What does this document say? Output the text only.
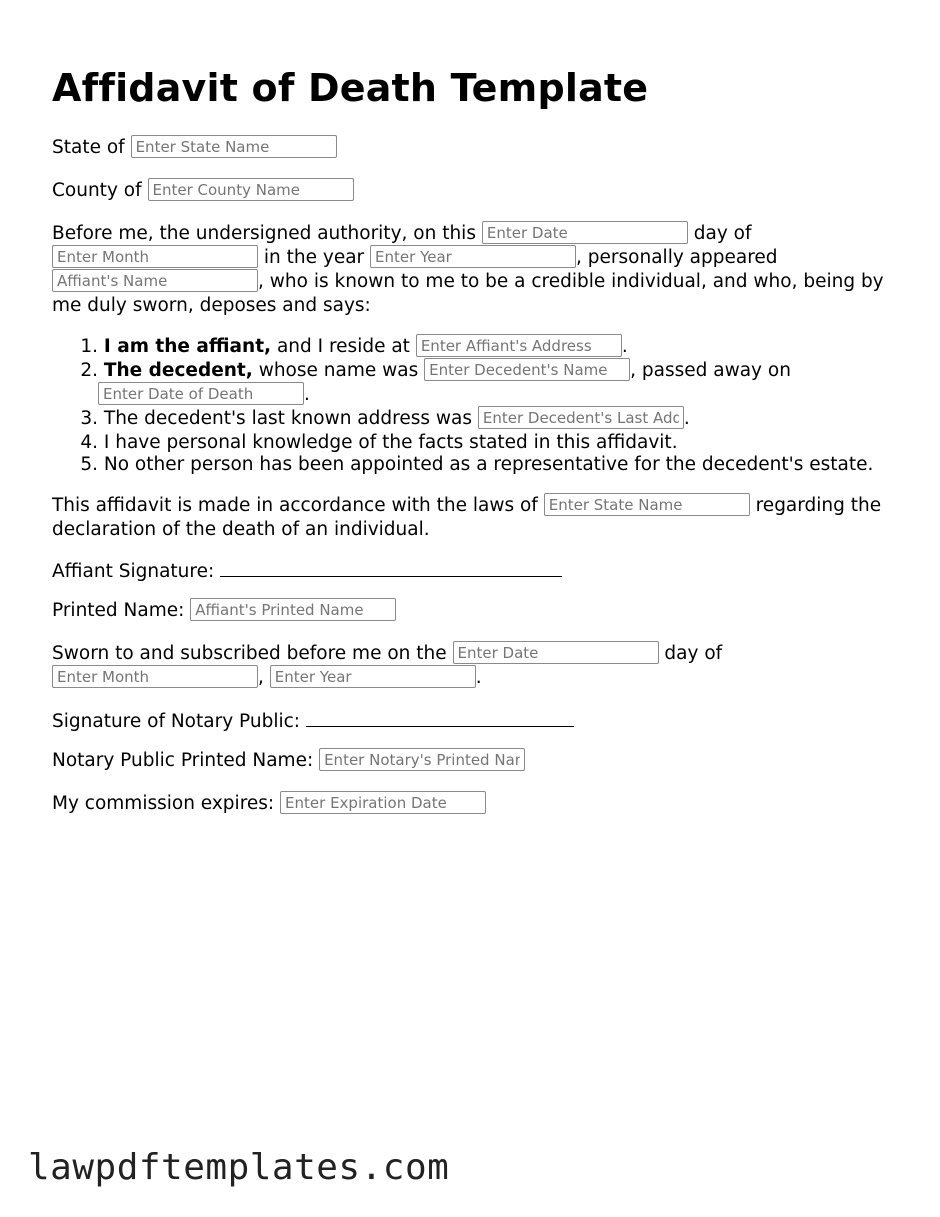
Affidavit of Death Template
State of Enter State Name
County of Enter County Name
Before me, the undersigned authority, on this Enter Date	day of
Enter Month in the year Enter Year	, personally appeared
Affiant's Name, who is known to me to be a credible individual, and who, being by
me duly sworn, deposes and says:
1. I am the affiant, and I reside at Enter Affiant's Address	.
2. The decedent, whose name was Enter Decedent's Name	, passed away on
Enter Date of Death.
3. The decedent's last known address was Enter Decedent's Last Address	.
4. I have personal knowledge of the facts stated in this affidavit.
5. No other person has been appointed as a representative for the decedent's estate.
This affidavit is made in accordance with the laws of Enter State Name	regarding the
declaration of the death of an individual.
Affiant Signature:
Printed Name: Affiant's Printed Name
Sworn to and subscribed before me on the Enter Date	day of
Enter Month, Enter Year	.
Signature of Notary Public:
Notary Public Printed Name: Enter Notary's Printed Name
My commission expires: Enter Expiration Date
lawpdftemplates.com
